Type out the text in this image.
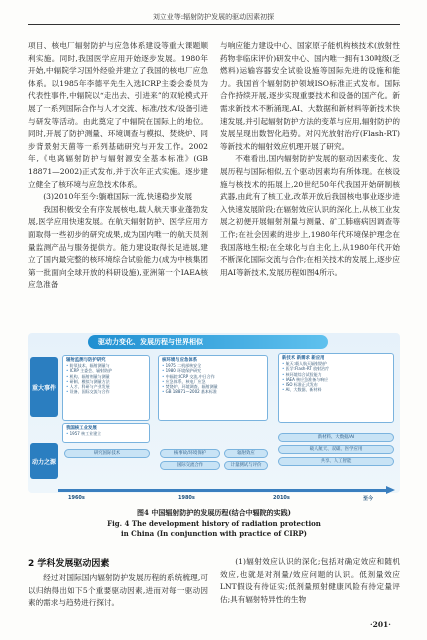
刘立业等:辐射防护发展的驱动因素初探

项目、核电厂辐射防护与应急体系建设等重大课题顺利实施。同时,我国医学应用开始逐步发展。1980年开始,中辐院学习国外经验并建立了我国的核电厂应急体系。以1985年李德平先生入选ICRP主委会委员为代表性事件,中辐院以“走出去、引进来”的双轮模式开展了一系列国际合作与人才交流、标准/技术/设备引进与研发等活动。由此奠定了中辐院在国际上的地位。同时,开展了防护测量、环境调查与模拟、焚烧炉、同步背景射天菌等一系列基础研究与开发工作。2002年,《电离辐射防护与辐射源安全基本标准》(GB 18871—2002)正式发布,并于次年正式实施。逐步建立健全了核环境与应急技术体系。

(3)2010年至今:躺难国际一流,快速稳步发展

我国积极安全有序发展核电,载人航天事业蓬勃发展,医学应用快速发展。在航天辐射防护、医学应用方面取得一些初步的研究成果,成为国内唯一的航天员剂量监测产品与服务提供方。能力建设取得长足进展,建立了国内最完整的核环境综合试验能力(成为中核集团第一批面向全球开放的科研设施),亚洲第一个IAEA核应急准备

与响应能力建设中心、国家原子能机构核技术(放射性药物非临床评价)研发中心、国内唯一拥有130吨级(乏燃料)运输容器安全试验设施等国际先进的设施和能力。我国首个辐射防护领域ISO标准正式发布。国际合作持续开展,逐步实现重要技术和设备的国产化。新需求新技术不断涌现,AI、大数据和新材料等新技术快速发展,并引起辐射防护方法的变革与应用,辐射防护的发展呈现出数智化趋势。对闪光放射治疗(Flash-RT)等新技术的辐射效应机理开展了研究。

不难看出,国内辐射防护发展的驱动因素变化、发展历程与国际相似,五个驱动因素均有所体现。在核设施与核技术的拓展上,20世纪50年代我国开始研制核武器,由此有了核工业,改革开放后我国核电事业逐步进入快速发展阶段;在辐射效应认识的深化上,从核工业发展之初便开展辐射剂量与测量、矿工肺癌病因调查等工作;在社会因素的进步上,1980年代环境保护理念在我国落地生根;在全球化与自主化上,从1980年代开始不断深化国际交流与合作;在相关技术的发展上,逐步应用AI等新技术,发展历程如图4所示。

驱动力变化、发展历程与世界相似
重大事件
动力之源
辐射监测与防护研究
• 防氡技术、辐射测量与
• ICRP 主委会、辐射防护
• 机构、辐射剂量与测量
• 研制、模拟与测量方法
• 人才、科研与产业发展
• 设备、国际交流与合作
我国核工业发展
• 1957 核工业建立
核环境与应急体系
• 1975 二机部核安全
• 1980 环境保护研究
• 中辐院:ICRP 交流,中日合作
• 应急体系、核电厂应急
• 焚烧炉、环境调查、辐射测量
• GB 18871—2002 基本标准
新技术 新需求 新应用
• 航天:载人航天辐射防护
• 医学:Flash-RT 放射治疗
• 核环境综合试验能力
• IAEA 核应急准备与响应
• ISO 标准正式发布
• AI、大数据、新材料
核事故/环境保护	辐射效应
国际交流合作
新材料、大数据/AI
载人航天、双碳、医学应用
研究国际技术
计量测试与评价
共享、人工智能
1960s	1980s	2010s	至今
图4 中国辐射防护的发展历程(结合中辐院的实践)
Fig. 4 The development history of radiation protection
in China (In conjunction with practice of CIRP)
2 学科发展驱动因素

经过对国际国内辐射防护发展历程的系统梳理,可以归纳得出如下5个重要驱动因素,进而对每一驱动因素的需求与趋势进行探讨。

(1)辐射效应认识的深化;包括对确定效应和随机效应,也就是对剂量/效应问题的认识。低剂量效应LNT假设有待证实;低剂量照射健康风险有待定量评估;具有辐射特异性的生物

·201·
